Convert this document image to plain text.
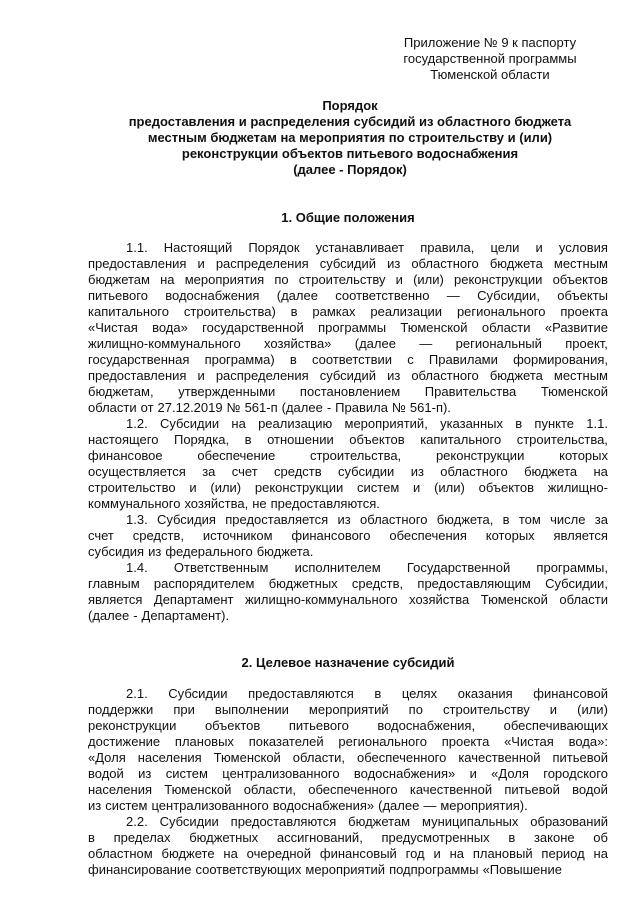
Приложение № 9 к паспорту
государственной программы
Тюменской области
Порядок
предоставления и распределения субсидий из областного бюджета
местным бюджетам на мероприятия по строительству и (или)
реконструкции объектов питьевого водоснабжения
(далее - Порядок)
1. Общие положения
1.1. Настоящий Порядок устанавливает правила, цели и условия
предоставления и распределения субсидий из областного бюджета местным
бюджетам на мероприятия по строительству и (или) реконструкции объектов
питьевого водоснабжения (далее соответственно — Субсидии, объекты
капитального строительства) в рамках реализации регионального проекта
«Чистая вода» государственной программы Тюменской области «Развитие
жилищно-коммунального хозяйства» (далее — региональный проект,
государственная программа) в соответствии с Правилами формирования,
предоставления и распределения субсидий из областного бюджета местным
бюджетам, утвержденными постановлением Правительства Тюменской
области от 27.12.2019 № 561-п (далее - Правила № 561-п).
1.2. Субсидии на реализацию мероприятий, указанных в пункте 1.1.
настоящего Порядка, в отношении объектов капитального строительства,
финансовое	обеспечение	строительства,	реконструкции	которых
осуществляется за счет средств субсидии из областного бюджета на
строительство и (или) реконструкции систем и (или) объектов жилищно-
коммунального хозяйства, не предоставляются.
1.3. Субсидия предоставляется из областного бюджета, в том числе за
счет средств, источником финансового обеспечения которых является
субсидия из федерального бюджета.
1.4. Ответственным исполнителем Государственной программы,
главным распорядителем бюджетных средств, предоставляющим Субсидии,
является Департамент жилищно-коммунального хозяйства Тюменской области
(далее - Департамент).
2. Целевое назначение субсидий
2.1. Субсидии предоставляются в целях оказания финансовой
поддержки при выполнении мероприятий по строительству и (или)
реконструкции объектов питьевого водоснабжения, обеспечивающих
достижение плановых показателей регионального проекта «Чистая вода»:
«Доля населения Тюменской области, обеспеченного качественной питьевой
водой из систем централизованного водоснабжения» и «Доля городского
населения Тюменской области, обеспеченного качественной питьевой водой
из систем централизованного водоснабжения» (далее — мероприятия).
2.2. Субсидии предоставляются бюджетам муниципальных образований
в пределах бюджетных ассигнований, предусмотренных в законе об
областном бюджете на очередной финансовый год и на плановый период на
финансирование соответствующих мероприятий подпрограммы «Повышение
